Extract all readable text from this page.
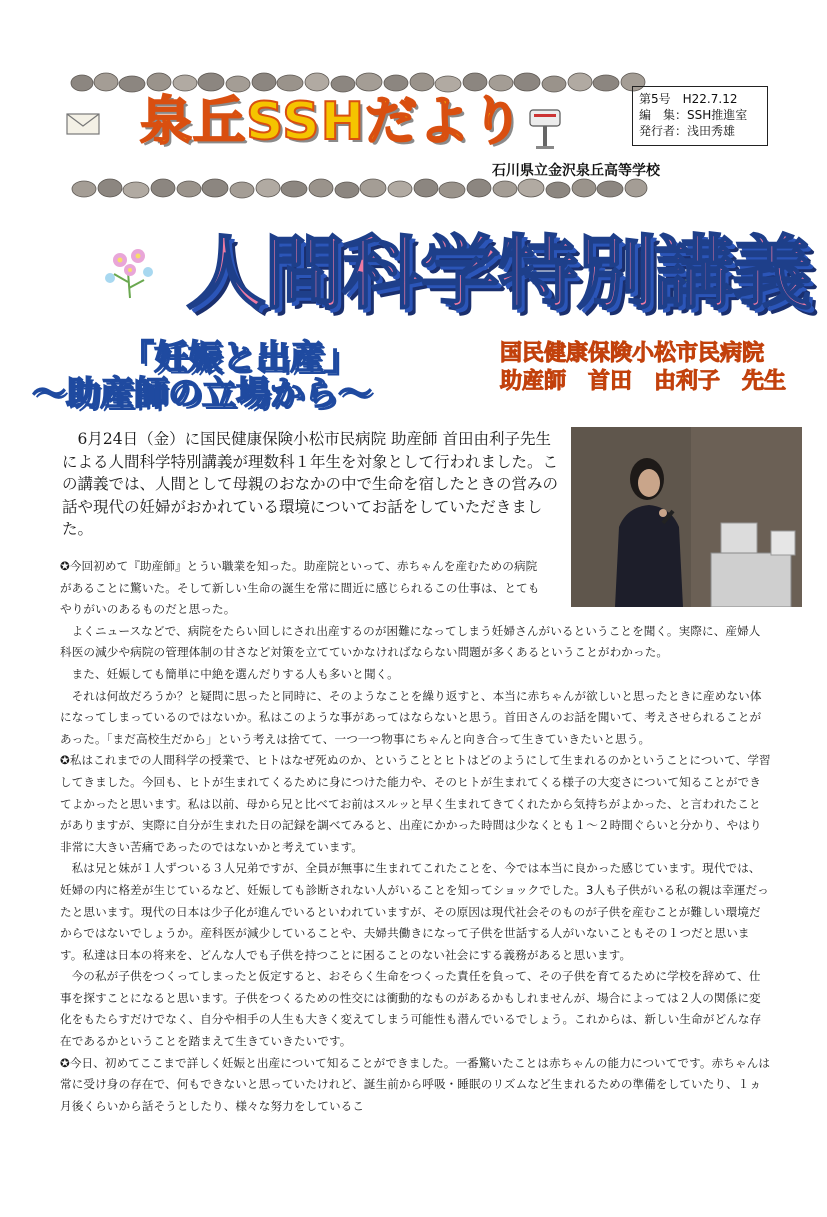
泉丘SSHだより	第5号　H22.7.12
編　集：SSH推進室
発行者：浅田秀雄
石川県立金沢泉丘高等学校
人間科学特別講義
「妊娠と出産」
～助産師の立場から～
国民健康保険小松市民病院
助産師　首田　由利子　先生

6月24日（金）に国民健康保険小松市民病院 助産師 首田由利子先生による人間科学特別講義が理数科１年生を対象として行われました。この講義では、人間として母親のおなかの中で生命を宿したときの営みの話や現代の妊婦がおかれている環境についてお話をしていただきました。

✪今回初めて『助産師』とうい職業を知った。助産院といって、赤ちゃんを産むための病院があることに驚いた。そして新しい生命の誕生を常に間近に感じられるこの仕事は、とてもやりがいのあるものだと思った。

よくニュースなどで、病院をたらい回しにされ出産するのが困難になってしまう妊婦さんがいるということを聞く。実際に、産婦人科医の減少や病院の管理体制の甘さなど対策を立てていかなければならない問題が多くあるということがわかった。

また、妊娠しても簡単に中絶を選んだりする人も多いと聞く。

それは何故だろうか？と疑問に思ったと同時に、そのようなことを繰り返すと、本当に赤ちゃんが欲しいと思ったときに産めない体になってしまっているのではないか。私はこのような事があってはならないと思う。首田さんのお話を聞いて、考えさせられることがあった。「まだ高校生だから」という考えは捨てて、一つ一つ物事にちゃんと向き合って生きていきたいと思う。

✪私はこれまでの人間科学の授業で、ヒトはなぜ死ぬのか、ということとヒトはどのようにして生まれるのかということについて、学習してきました。今回も、ヒトが生まれてくるために身につけた能力や、そのヒトが生まれてくる様子の大変さについて知ることができてよかったと思います。私は以前、母から兄と比べてお前はスルッと早く生まれてきてくれたから気持ちがよかった、と言われたことがありますが、実際に自分が生まれた日の記録を調べてみると、出産にかかった時間は少なくとも１～２時間ぐらいと分かり、やはり非常に大きい苦痛であったのではないかと考えています。

私は兄と妹が１人ずついる３人兄弟ですが、全員が無事に生まれてこれたことを、今では本当に良かった感じています。現代では、妊婦の内に格差が生じているなど、妊娠しても診断されない人がいることを知ってショックでした。3人も子供がいる私の親は幸運だったと思います。現代の日本は少子化が進んでいるといわれていますが、その原因は現代社会そのものが子供を産むことが難しい環境だからではないでしょうか。産科医が減少していることや、夫婦共働きになって子供を世話する人がいないこともその１つだと思います。私達は日本の将来を、どんな人でも子供を持つことに困ることのない社会にする義務があると思います。

今の私が子供をつくってしまったと仮定すると、おそらく生命をつくった責任を負って、その子供を育てるために学校を辞めて、仕事を探すことになると思います。子供をつくるための性交には衝動的なものがあるかもしれませんが、場合によっては２人の関係に変化をもたらすだけでなく、自分や相手の人生も大きく変えてしまう可能性も潜んでいるでしょう。これからは、新しい生命がどんな存在であるかということを踏まえて生きていきたいです。

✪今日、初めてここまで詳しく妊娠と出産について知ることができました。一番驚いたことは赤ちゃんの能力についてです。赤ちゃんは常に受け身の存在で、何もできないと思っていたけれど、誕生前から呼吸・睡眠のリズムなど生まれるための準備をしていたり、１ヵ月後くらいから話そうとしたり、様々な努力をしているこ
